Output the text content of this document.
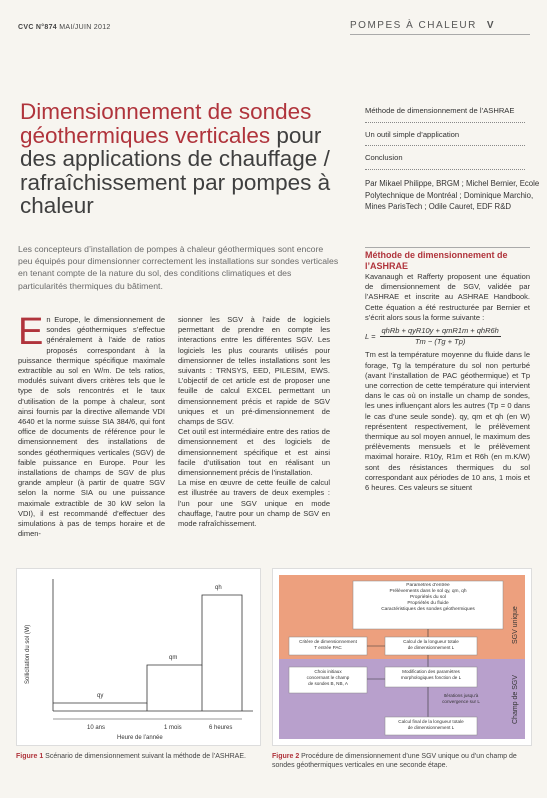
CVC N°874 MAI/JUIN 2012	POMPES À CHALEUR V
Dimensionnement de sondes géothermiques verticales pour des applications de chauffage / rafraîchissement par pompes à chaleur
Méthode de dimensionnement de l’ASHRAE
Un outil simple d’application
Conclusion
Par Mikael Philippe, BRGM ; Michel Bernier, Ecole Polytechnique de Montréal ; Dominique Marchio, Mines ParisTech ; Odile Cauret, EDF R&D
Les concepteurs d’installation de pompes à chaleur géothermiques sont encore peu équipés pour dimensionner correctement les installations sur sondes verticales en tenant compte de la nature du sol, des conditions climatiques et des particularités thermiques du bâtiment.
En Europe, le dimensionnement de sondes géothermiques s’effectue généralement à l’aide de ratios proposés correspondant à la puissance thermique spécifique maximale extractible au sol en W/m. De tels ratios, modulés suivant divers critères tels que le type de sols rencontrés et le taux d’utilisation de la pompe à chaleur, sont ainsi fournis par la directive allemande VDI 4640 et la norme suisse SIA 384/6, qui font office de documents de référence pour le dimensionnement des installations de sondes géothermiques verticales (SGV) de faible puissance en Europe. Pour les installations de champs de SGV de plus grande ampleur (à partir de quatre SGV selon la norme SIA ou une puissance maximale extractible de 30 kW selon la VDI), il est recommandé d’effectuer des simulations à pas de temps horaire et de dimen-
sionner les SGV à l’aide de logiciels permettant de prendre en compte les interactions entre les différentes SGV. Les logiciels les plus courants utilisés pour dimensionner de telles installations sont les suivants : TRNSYS, EED, PILESIM, EWS. L’objectif de cet article est de proposer une feuille de calcul EXCEL permettant un dimensionnement précis et rapide de SGV uniques et un pré-dimensionnement de champs de SGV.
Cet outil est intermédiaire entre des ratios de dimensionnement et des logiciels de dimensionnement spécifique et est ainsi facile d’utilisation tout en réalisant un dimensionnement précis de l’installation.
La mise en œuvre de cette feuille de calcul est illustrée au travers de deux exemples : l’un pour une SGV unique en mode chauffage, l’autre pour un champ de SGV en mode rafraîchissement.
Méthode de dimensionnement de l’ASHRAE
Kavanaugh et Rafferty proposent une équation de dimensionnement de SGV, validée par l’ASHRAE et inscrite au ASHRAE Handbook. Cette équation a été restructurée par Bernier et s’écrit alors sous la forme suivante :
L =
qhRb + qyR10y + qmR1m + qhR6h
Tm − (Tg + Tp)
Tm est la température moyenne du fluide dans le forage, Tg la température du sol non perturbé (avant l’installation de PAC géothermique) et Tp une correction de cette température qui intervient dans le cas où on installe un champ de sondes, les unes influençant alors les autres (Tp = 0 dans le cas d’une seule sonde). qy, qm et qh (en W) représentent respectivement, le prélèvement thermique au sol moyen annuel, le maximum des prélèvements mensuels et le prélèvement maximal horaire. R10y, R1m et R6h (en m.K/W) sont des résistances thermiques du sol correspondant aux périodes de 10 ans, 1 mois et 6 heures. Ces valeurs se situent
Sollicitation du sol (W)
qy
qm
qh
10 ans	1 mois	6 heures
Heure de l’année
Figure 1 Scénario de dimensionnement suivant la méthode de l’ASHRAE.
SGV unique
Champ de SGV
Paramètres d’entrée
Prélèvements dans le sol qy, qm, qh
Propriétés du sol
Propriétés du fluide
Caractéristiques des sondes géothermiques
Critère de dimensionnement
T entrée PAC
Calcul de la longueur totale
de dimensionnement L
Choix initiaux
concernant le champ
de sondes B, NB, A
Modification des paramètres
morphologiques fonction de L
Itérations jusqu’à
convergence sur L
Calcul final de la longueur totale
de dimensionnement L
Figure 2 Procédure de dimensionnement d’une SGV unique ou d’un champ de sondes géothermiques verticales en une seconde étape.
